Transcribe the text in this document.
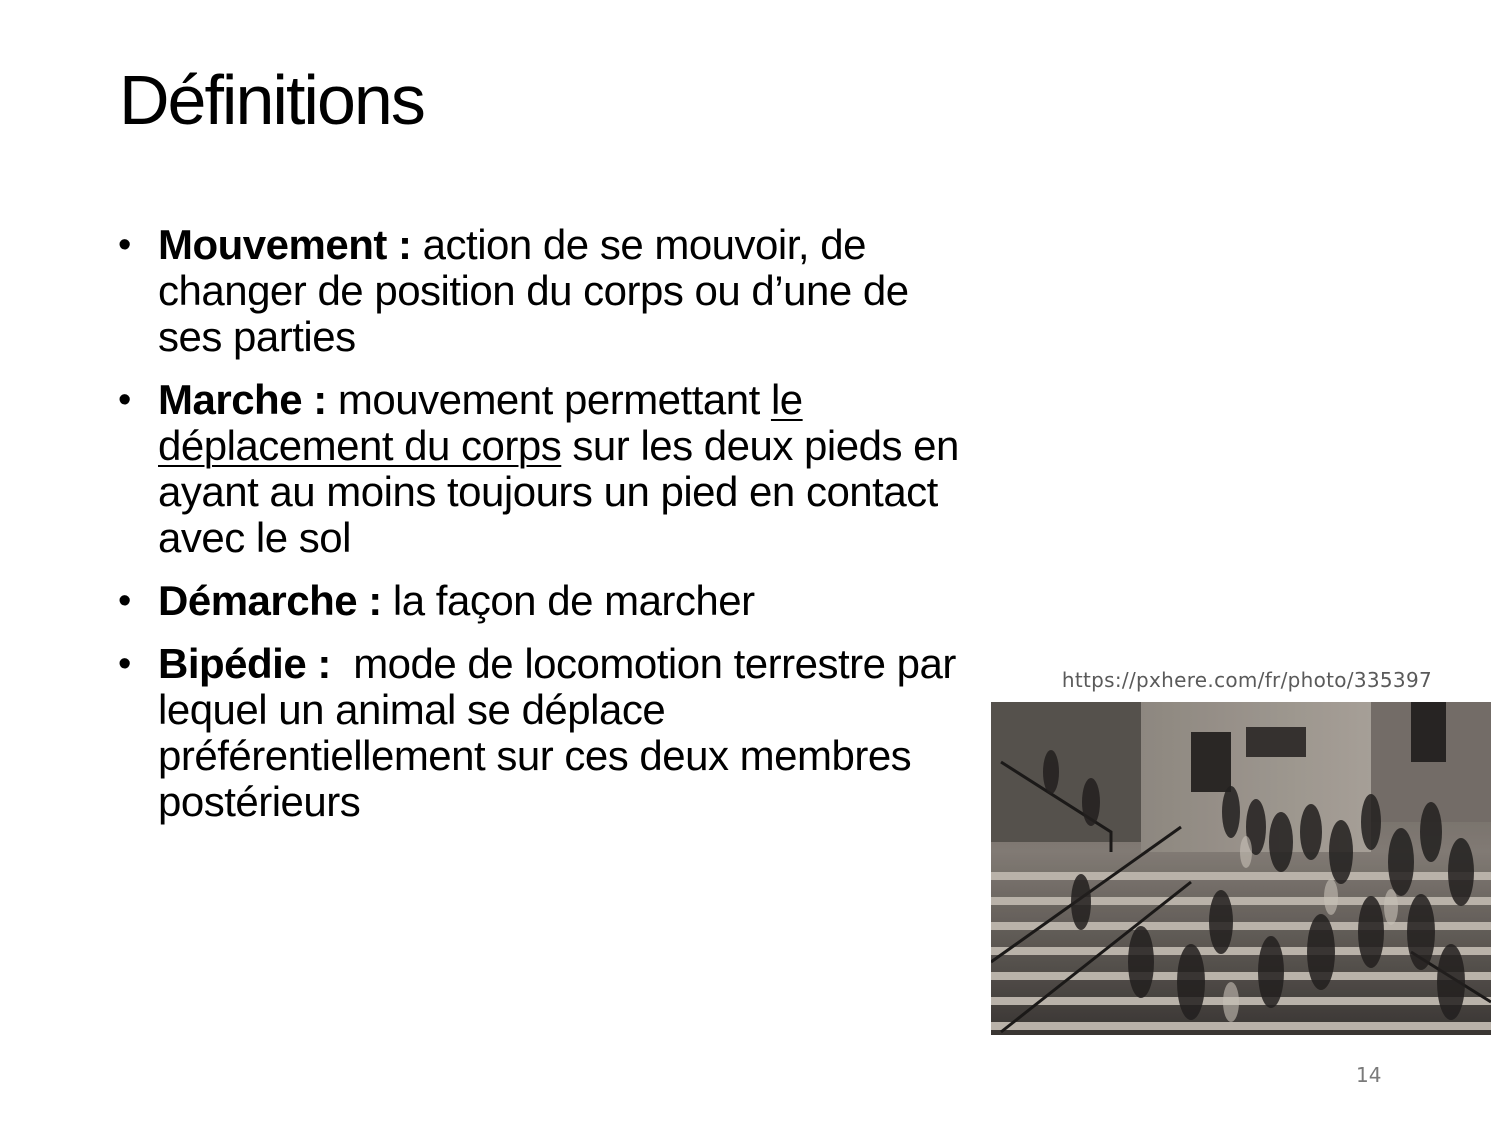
Définitions
• Mouvement : action de se mouvoir, de changer de position du corps ou d’une de ses parties
• Marche : mouvement permettant le déplacement du corps sur les deux pieds en ayant au moins toujours un pied en contact avec le sol
• Démarche : la façon de marcher
• Bipédie :  mode de locomotion terrestre par lequel un animal se déplace préférentiellement sur ces deux membres postérieurs
https://pxhere.com/fr/photo/335397
14
